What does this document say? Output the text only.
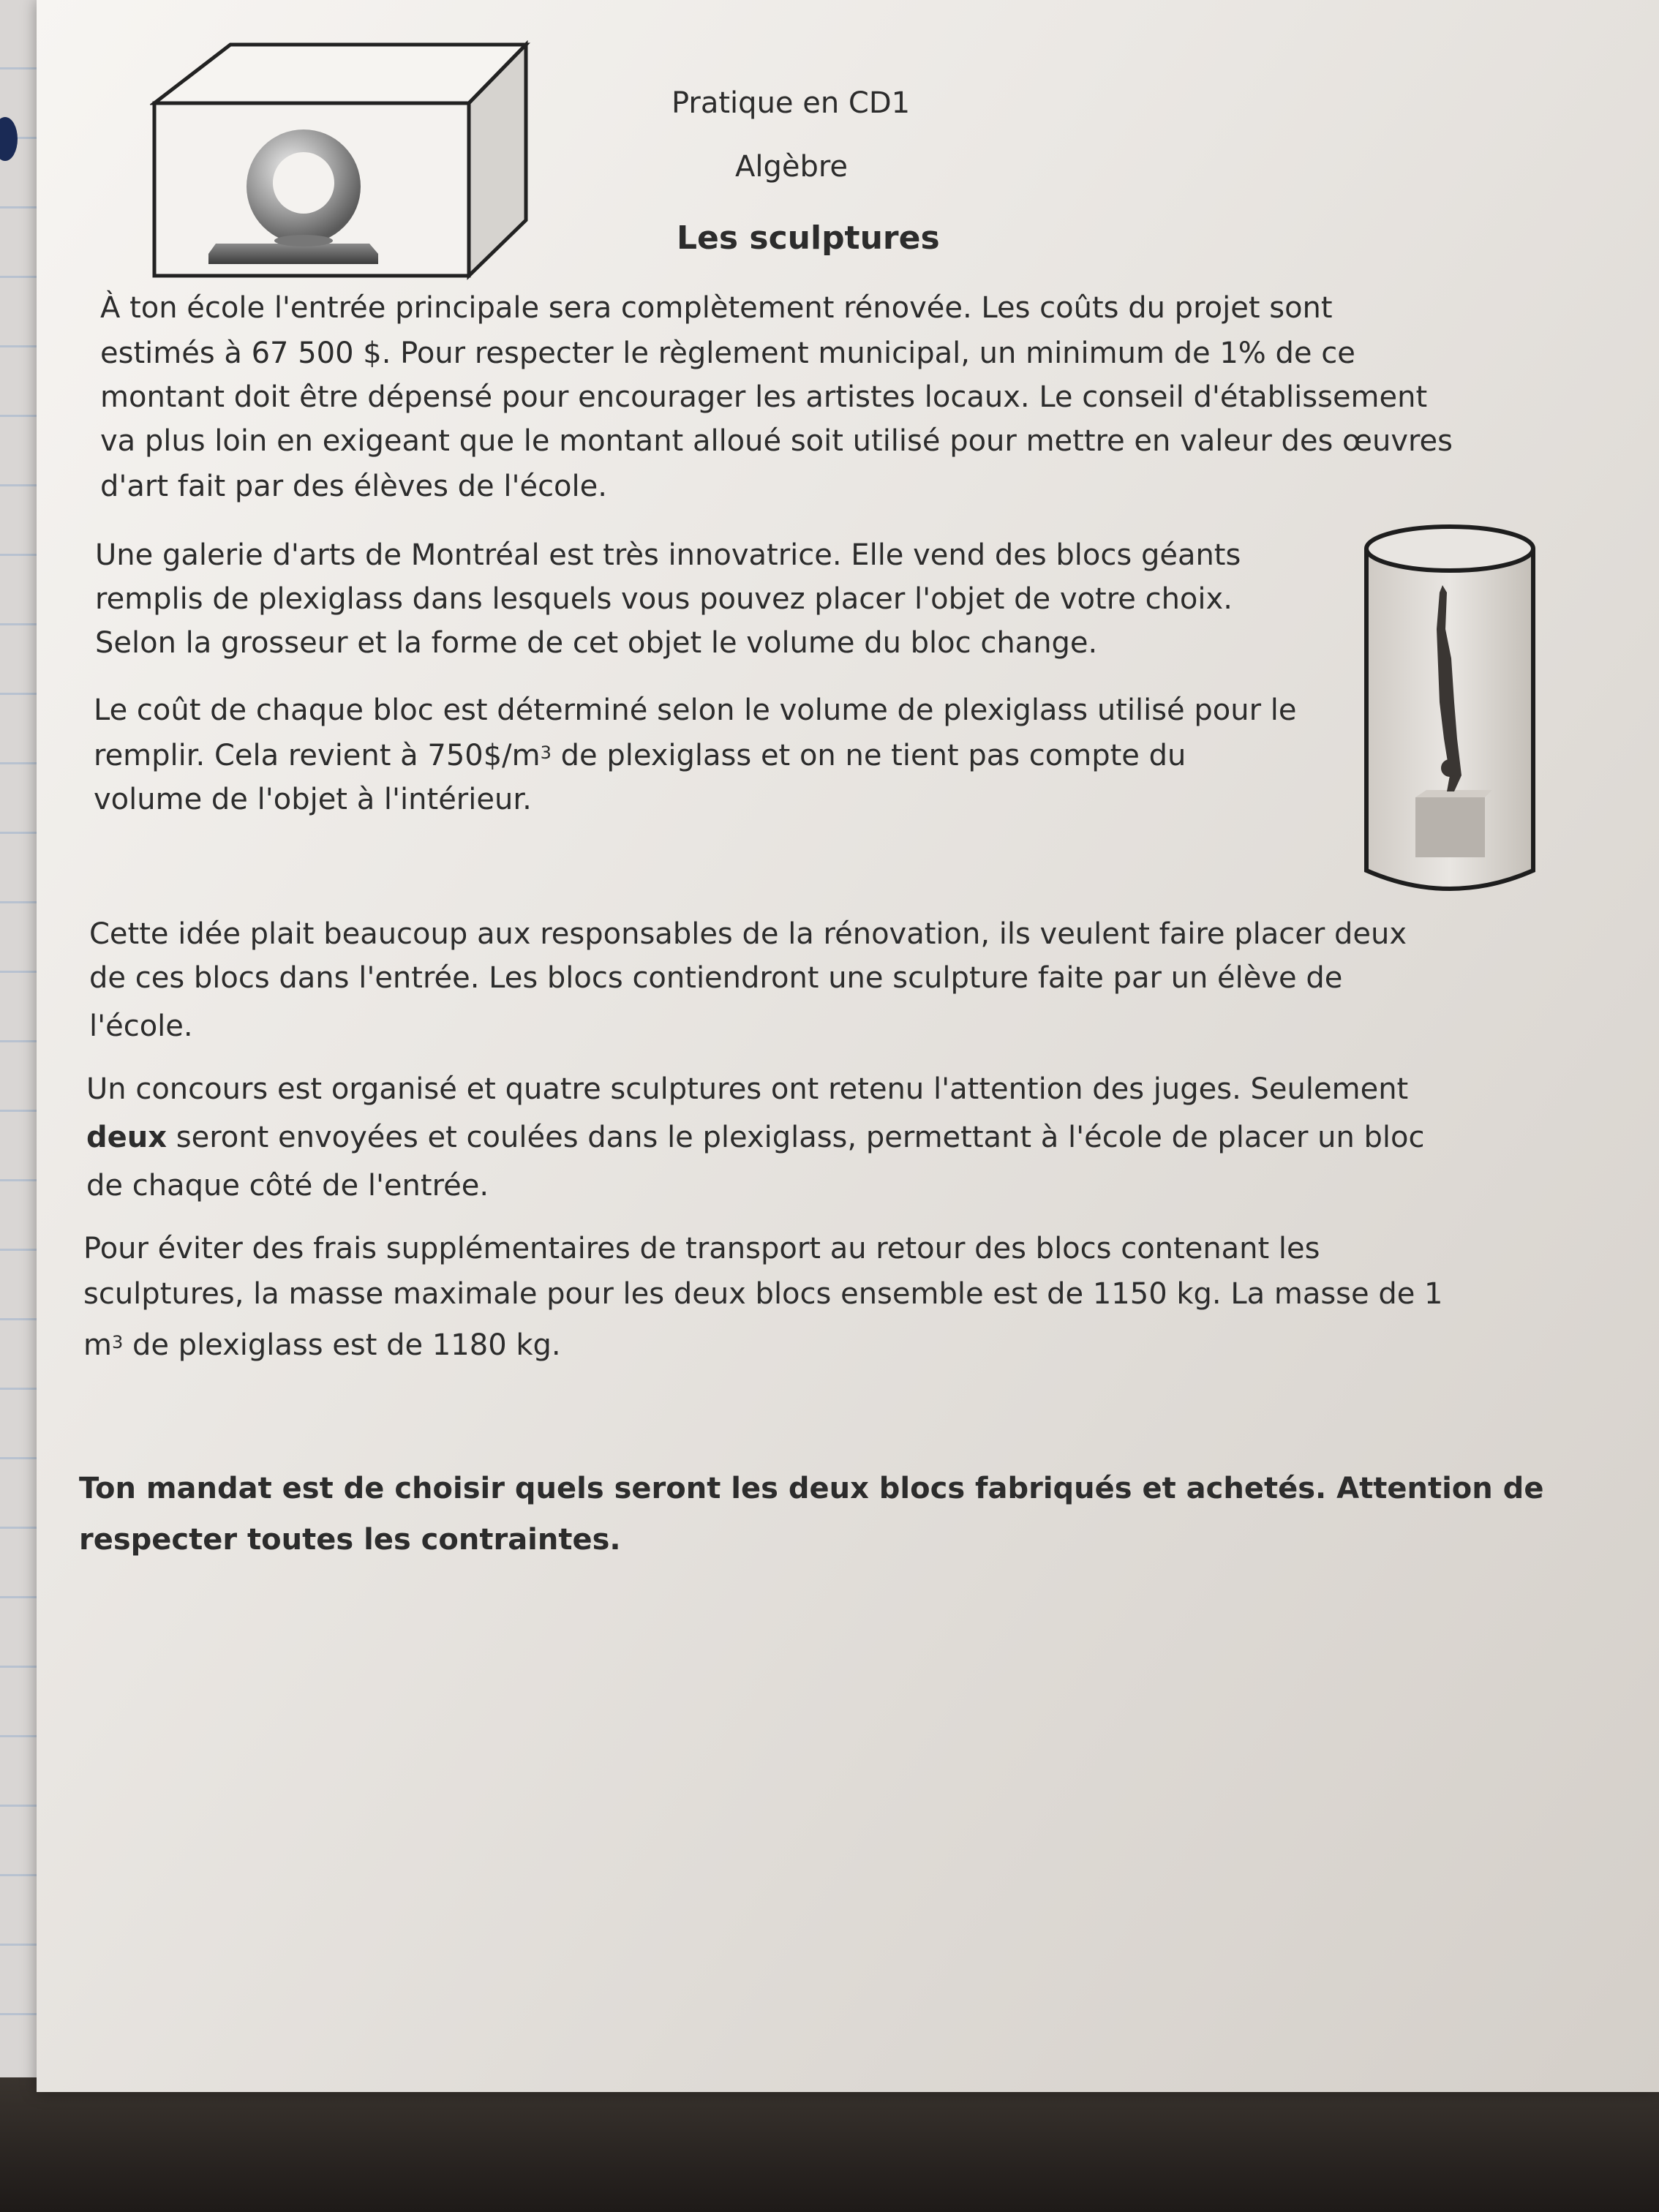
Pratique en CD1
Algèbre
Les sculptures
À ton école l'entrée principale sera complètement rénovée. Les coûts du projet sont
estimés à 67 500 $. Pour respecter le règlement municipal, un minimum de 1% de ce
montant doit être dépensé pour encourager les artistes locaux. Le conseil d'établissement
va plus loin en exigeant que le montant alloué soit utilisé pour mettre en valeur des œuvres
d'art fait par des élèves de l'école.
Une galerie d'arts de Montréal est très innovatrice. Elle vend des blocs géants
remplis de plexiglass dans lesquels vous pouvez placer l'objet de votre choix.
Selon la grosseur et la forme de cet objet le volume du bloc change.
Le coût de chaque bloc est déterminé selon le volume de plexiglass utilisé pour le
remplir. Cela revient à $750\$/m^3$ de plexiglass et on ne tient pas compte du
volume de l'objet à l'intérieur.
Cette idée plait beaucoup aux responsables de la rénovation, ils veulent faire placer deux
de ces blocs dans l'entrée. Les blocs contiendront une sculpture faite par un élève de
l'école.
Un concours est organisé et quatre sculptures ont retenu l'attention des juges. Seulement
deux seront envoyées et coulées dans le plexiglass, permettant à l'école de placer un bloc
de chaque côté de l'entrée.
Pour éviter des frais supplémentaires de transport au retour des blocs contenant les
sculptures, la masse maximale pour les deux blocs ensemble est de 1150 kg. La masse de 1
$m^3$ de plexiglass est de 1180 kg.
Ton mandat est de choisir quels seront les deux blocs fabriqués et achetés. Attention de
respecter toutes les contraintes.
